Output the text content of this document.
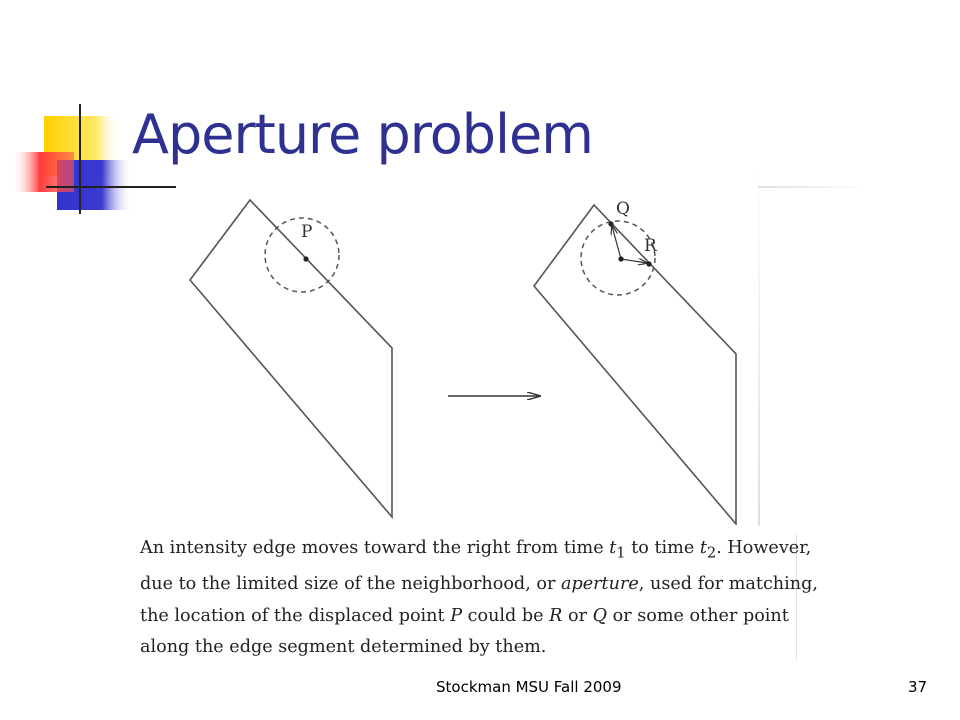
Aperture problem
P
Q
R
An intensity edge moves toward the right from time $t_1$ to time $t_2$. However,
due to the limited size of the neighborhood, or aperture, used for matching,
the location of the displaced point P could be R or Q or some other point
along the edge segment determined by them.
Stockman MSU Fall 2009	37
